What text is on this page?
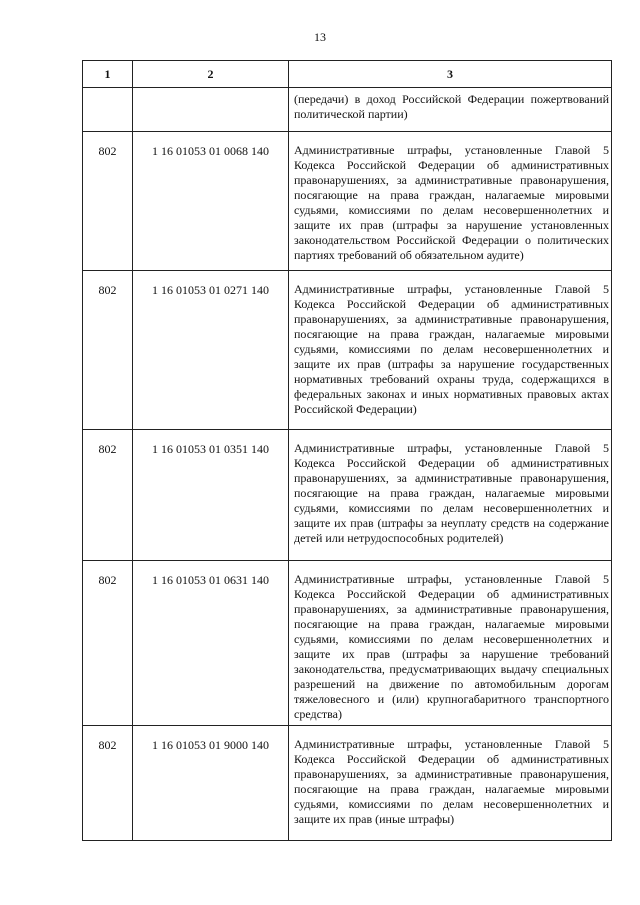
13
1	2	3
		(передачи) в доход Российской Федерации пожертвований политической партии)
802	1 16 01053 01 0068 140	Административные штрафы, установленные Главой 5 Кодекса Российской Федерации об административных правонарушениях, за административные правонарушения, посягающие на права граждан, налагаемые мировыми судьями, комиссиями по делам несовершеннолетних и защите их прав (штрафы за нарушение установленных законодательством Российской Федерации о политических партиях требований об обязательном аудите)
802	1 16 01053 01 0271 140	Административные штрафы, установленные Главой 5 Кодекса Российской Федерации об административных правонарушениях, за административные правонарушения, посягающие на права граждан, налагаемые мировыми судьями, комиссиями по делам несовершеннолетних и защите их прав (штрафы за нарушение государственных нормативных требований охраны труда, содержащихся в федеральных законах и иных нормативных правовых актах Российской Федерации)
802	1 16 01053 01 0351 140	Административные штрафы, установленные Главой 5 Кодекса Российской Федерации об административных правонарушениях, за административные правонарушения, посягающие на права граждан, налагаемые мировыми судьями, комиссиями по делам несовершеннолетних и защите их прав (штрафы за неуплату средств на содержание детей или нетрудоспособных родителей)
802	1 16 01053 01 0631 140	Административные штрафы, установленные Главой 5 Кодекса Российской Федерации об административных правонарушениях, за административные правонарушения, посягающие на права граждан, налагаемые мировыми судьями, комиссиями по делам несовершеннолетних и защите их прав (штрафы за нарушение требований законодательства, предусматривающих выдачу специальных разрешений на движение по автомобильным дорогам тяжеловесного и (или) крупногабаритного транспортного средства)
802	1 16 01053 01 9000 140	Административные штрафы, установленные Главой 5 Кодекса Российской Федерации об административных правонарушениях, за административные правонарушения, посягающие на права граждан, налагаемые мировыми судьями, комиссиями по делам несовершеннолетних и защите их прав (иные штрафы)
